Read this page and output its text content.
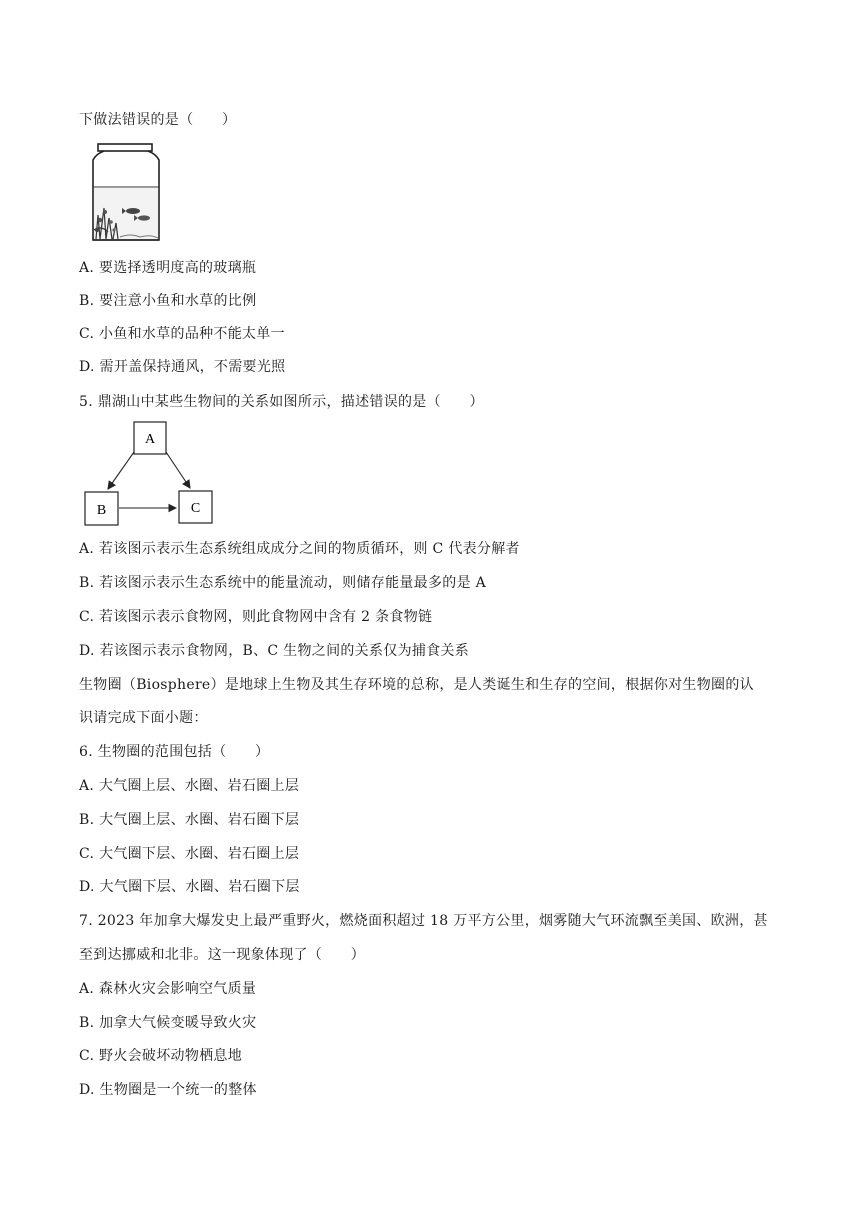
下做法错误的是（　　）
A. 要选择透明度高的玻璃瓶
B. 要注意小鱼和水草的比例
C. 小鱼和水草的品种不能太单一
D. 需开盖保持通风，不需要光照
5. 鼎湖山中某些生物间的关系如图所示，描述错误的是（　　）
A
B	C
A. 若该图示表示生态系统组成成分之间的物质循环，则 C 代表分解者
B. 若该图示表示生态系统中的能量流动，则储存能量最多的是 A
C. 若该图示表示食物网，则此食物网中含有 2 条食物链
D. 若该图示表示食物网，B、C 生物之间的关系仅为捕食关系
生物圈（Biosphere）是地球上生物及其生存环境的总称，是人类诞生和生存的空间，根据你对生物圈的认
识请完成下面小题：
6. 生物圈的范围包括（　　）
A. 大气圈上层、水圈、岩石圈上层
B. 大气圈上层、水圈、岩石圈下层
C. 大气圈下层、水圈、岩石圈上层
D. 大气圈下层、水圈、岩石圈下层
7. 2023 年加拿大爆发史上最严重野火，燃烧面积超过 18 万平方公里，烟雾随大气环流飘至美国、欧洲，甚
至到达挪威和北非。这一现象体现了（　　）
A. 森林火灾会影响空气质量
B. 加拿大气候变暖导致火灾
C. 野火会破坏动物栖息地
D. 生物圈是一个统一的整体
